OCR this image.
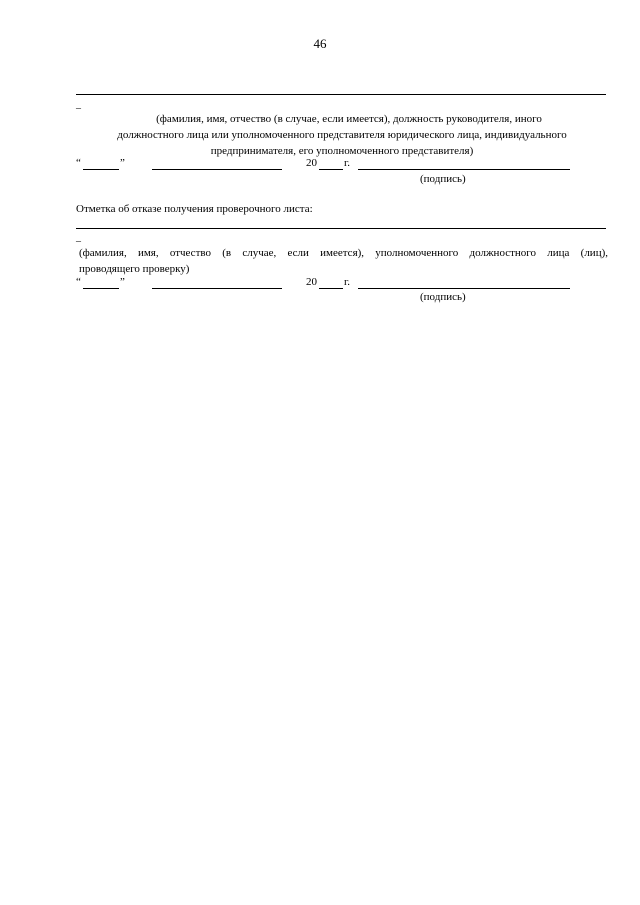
46
_
(фамилия, имя, отчество (в случае, если имеется), должность руководителя, иного
должностного лица или уполномоченного представителя юридического лица, индивидуального
предпринимателя, его уполномоченного представителя)
“	”	20 г.
(подпись)
Отметка об отказе получения проверочного листа:
_
(фамилия, имя, отчество (в случае, если имеется), уполномоченного должностного лица (лиц),
проводящего проверку)
“	”	20 г.
(подпись)
